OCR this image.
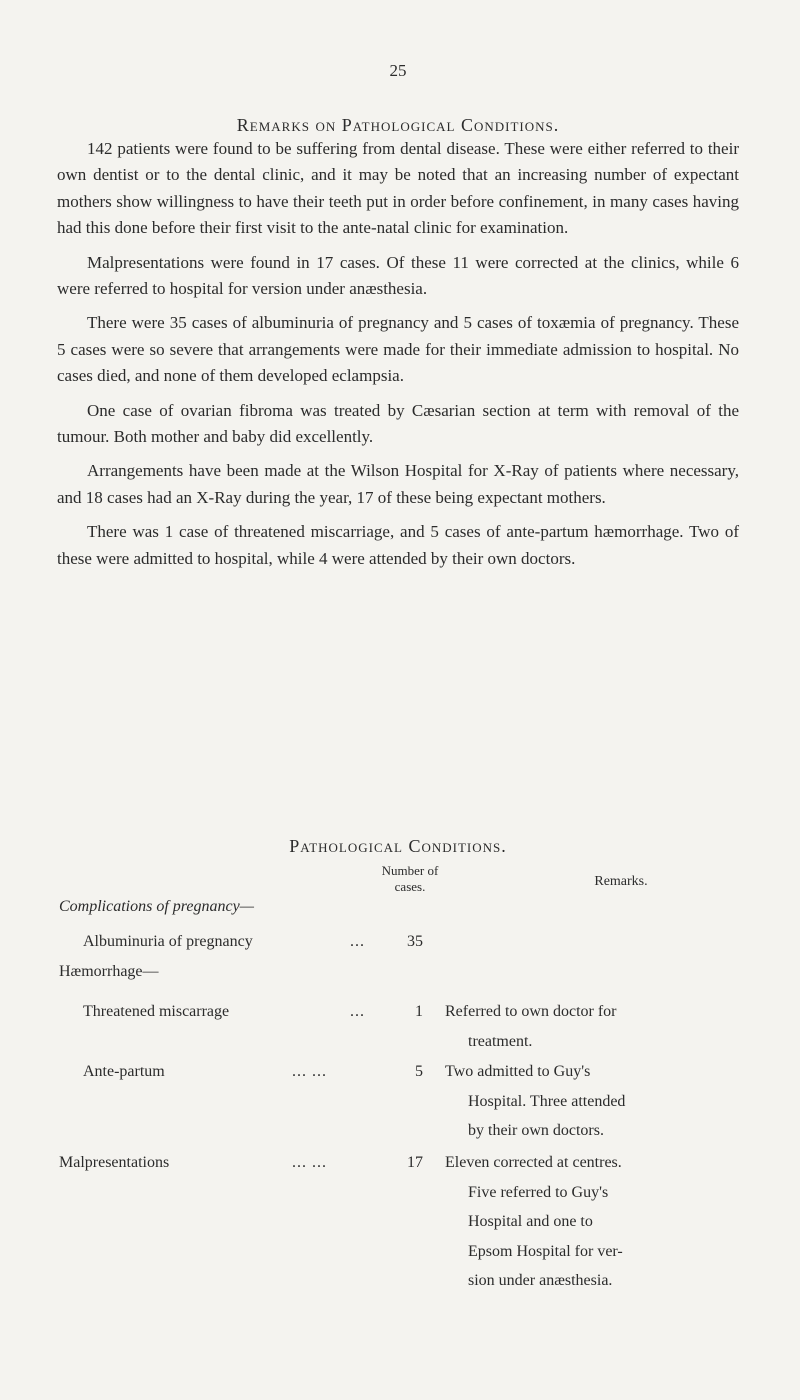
25
Remarks on Pathological Conditions.

142 patients were found to be suffering from dental disease. These were either referred to their own dentist or to the dental clinic, and it may be noted that an increasing number of expectant mothers show willingness to have their teeth put in order before confinement, in many cases having had this done before their first visit to the ante-natal clinic for examination.

Malpresentations were found in 17 cases. Of these 11 were corrected at the clinics, while 6 were referred to hospital for version under anæsthesia.

There were 35 cases of albuminuria of pregnancy and 5 cases of toxæmia of pregnancy. These 5 cases were so severe that arrangements were made for their immediate admission to hospital. No cases died, and none of them developed eclampsia.

One case of ovarian fibroma was treated by Cæsarian section at term with removal of the tumour. Both mother and baby did excellently.

Arrangements have been made at the Wilson Hospital for X-Ray of patients where necessary, and 18 cases had an X-Ray during the year, 17 of these being expectant mothers.

There was 1 case of threatened miscarriage, and 5 cases of ante-partum hæmorrhage. Two of these were admitted to hospital, while 4 were attended by their own doctors.

Pathological Conditions.
Number of
cases.	Remarks.
Complications of pregnancy—
Albuminuria of pregnancy	...	35
Hæmorrhage—
Threatened miscarrage	...	1 Referred to own doctor for
treatment.
Ante-partum	... ...	5 Two admitted to Guy's
Hospital. Three attended
by their own doctors.
Malpresentations	... ...	17 Eleven corrected at centres.
Five referred to Guy's
Hospital and one to
Epsom Hospital for ver-
sion under anæsthesia.
